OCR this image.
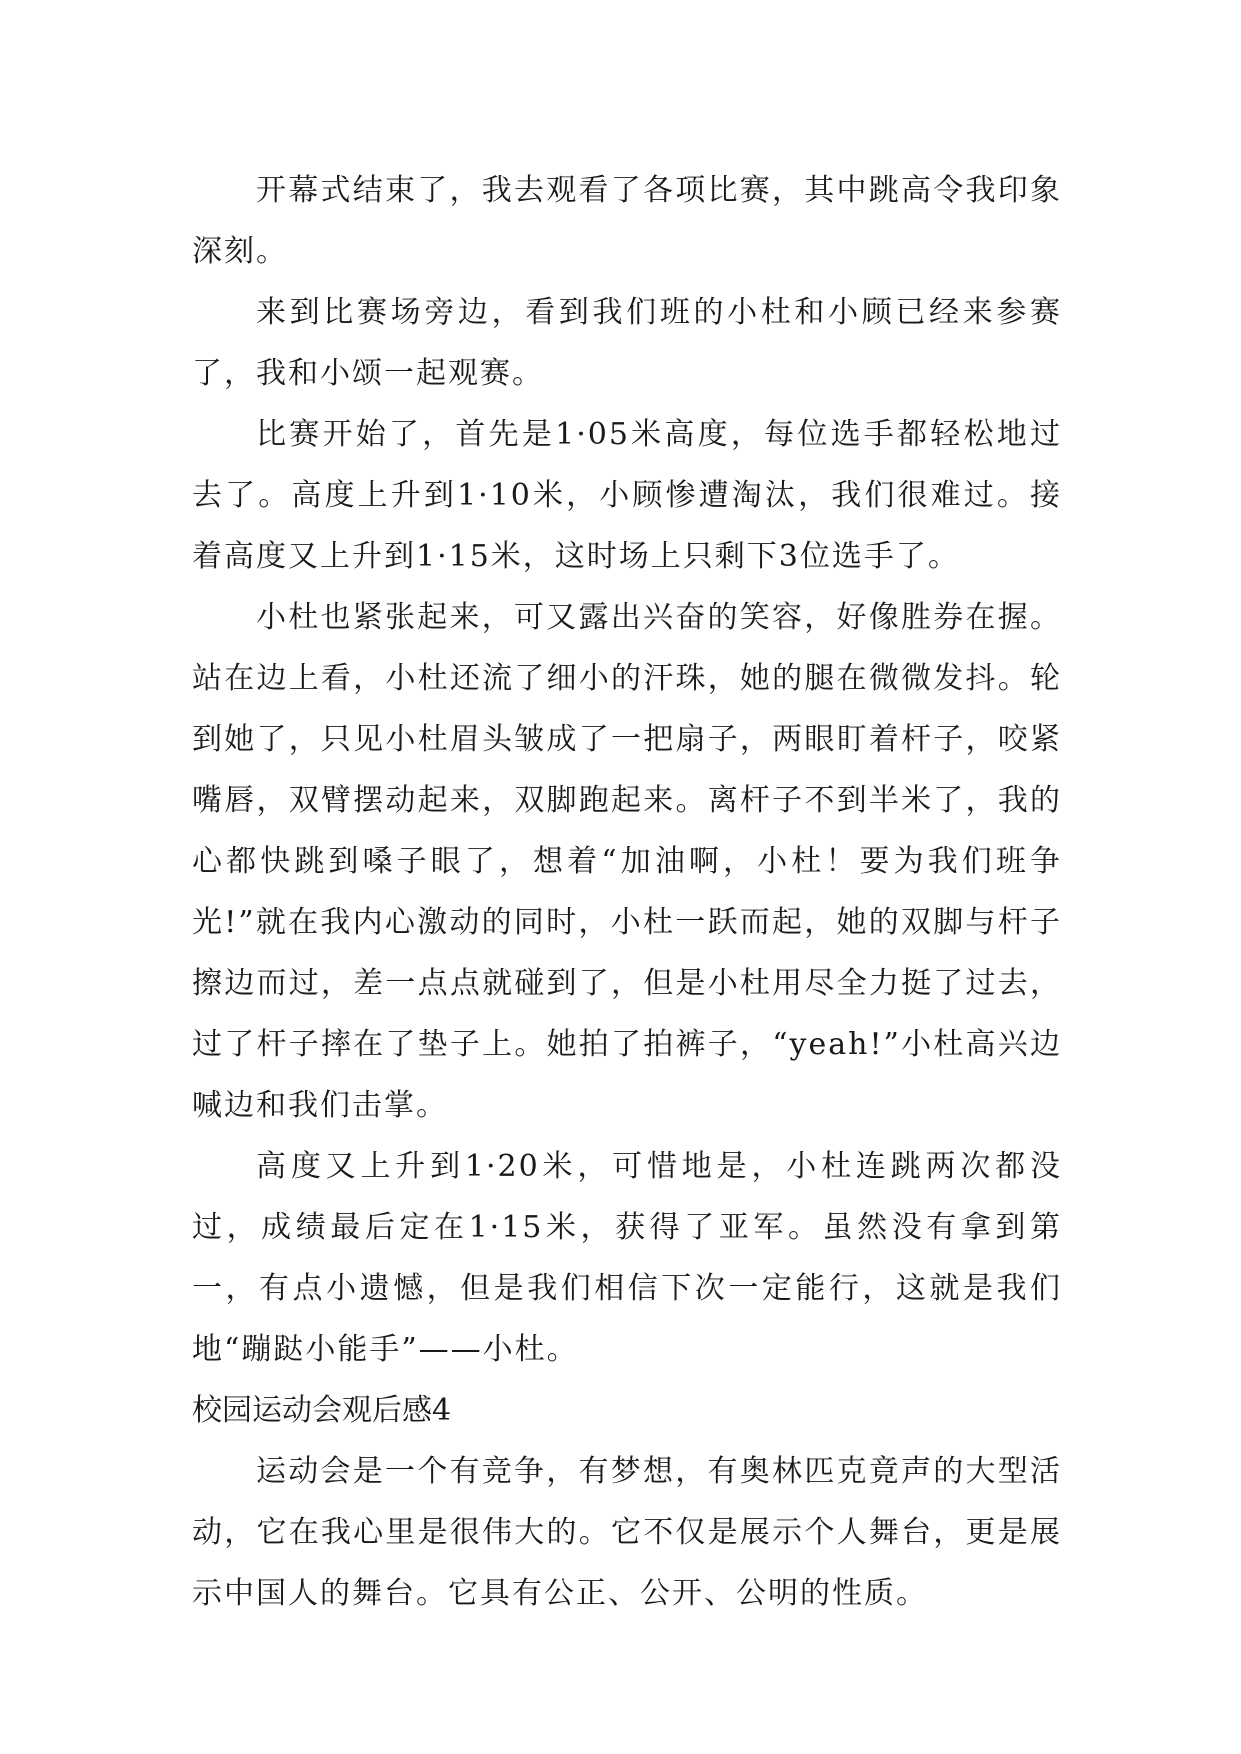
开幕式结束了，我去观看了各项比赛，其中跳高令我印象深刻。

来到比赛场旁边，看到我们班的小杜和小顾已经来参赛了，我和小颂一起观赛。

比赛开始了，首先是1·05米高度，每位选手都轻松地过去了。高度上升到1·10米，小顾惨遭淘汰，我们很难过。接着高度又上升到1·15米，这时场上只剩下3位选手了。

小杜也紧张起来，可又露出兴奋的笑容，好像胜券在握。站在边上看，小杜还流了细小的汗珠，她的腿在微微发抖。轮到她了，只见小杜眉头皱成了一把扇子，两眼盯着杆子，咬紧嘴唇，双臂摆动起来，双脚跑起来。离杆子不到半米了，我的心都快跳到嗓子眼了，想着“加油啊，小杜！要为我们班争光!”就在我内心激动的同时，小杜一跃而起，她的双脚与杆子擦边而过，差一点点就碰到了，但是小杜用尽全力挺了过去，过了杆子摔在了垫子上。她拍了拍裤子，“yeah!”小杜高兴边喊边和我们击掌。

高度又上升到1·20米，可惜地是，小杜连跳两次都没过，成绩最后定在1·15米，获得了亚军。虽然没有拿到第一，有点小遗憾，但是我们相信下次一定能行，这就是我们地“蹦跶小能手”——小杜。

校园运动会观后感4

运动会是一个有竞争，有梦想，有奥林匹克竟声的大型活动，它在我心里是很伟大的。它不仅是展示个人舞台，更是展示中国人的舞台。它具有公正、公开、公明的性质。
